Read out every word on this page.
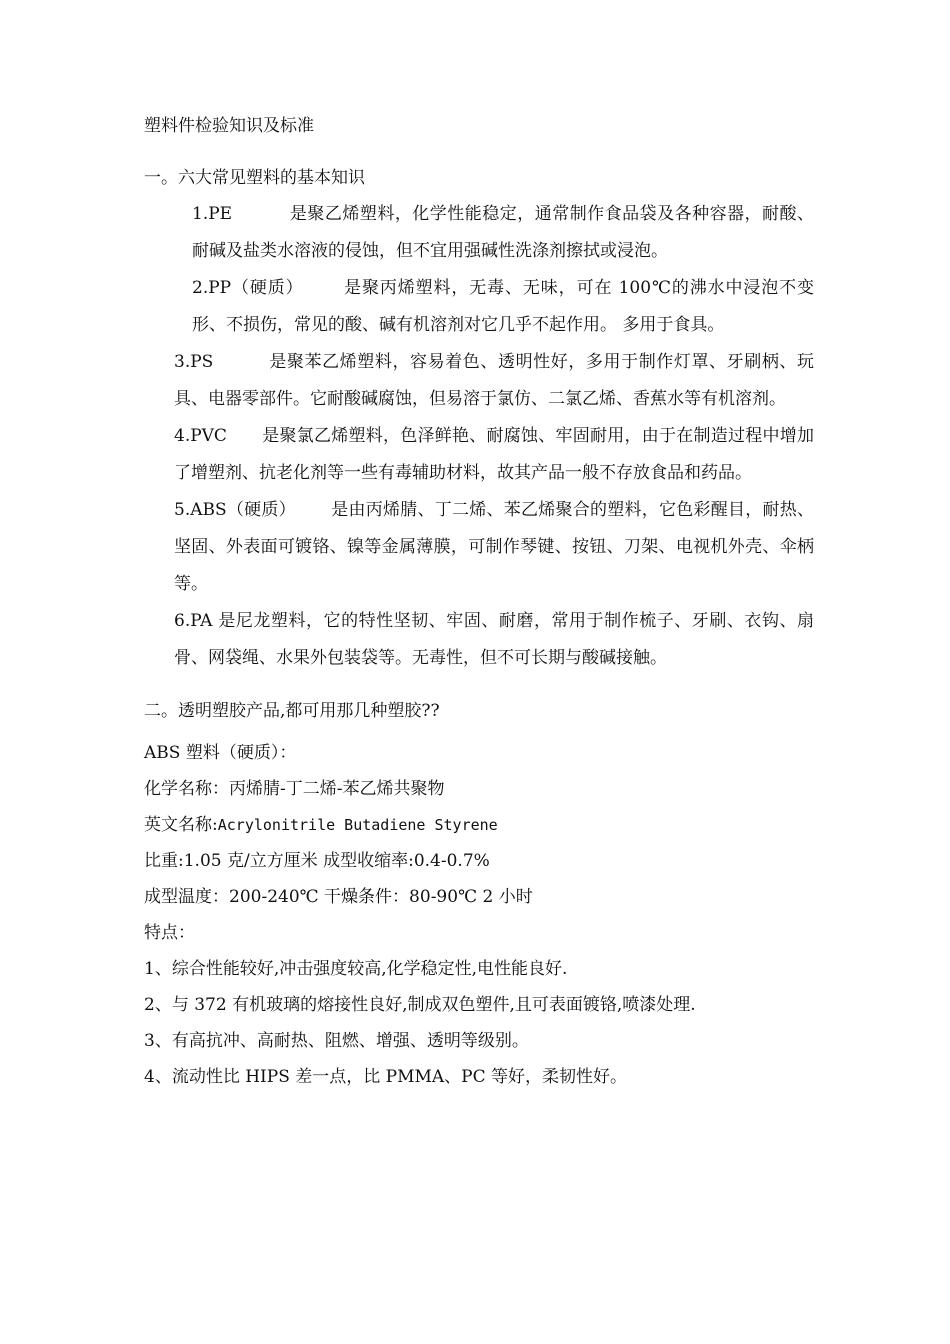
塑料件检验知识及标准
一。六大常见塑料的基本知识
1.PE	是聚乙烯塑料，化学性能稳定，通常制作食品袋及各种容器，耐酸、耐碱及盐类水溶液的侵蚀，但不宜用强碱性洗涤剂擦拭或浸泡。
2.PP（硬质） 是聚丙烯塑料，无毒、无味，可在 100℃的沸水中浸泡不变形、不损伤，常见的酸、碱有机溶剂对它几乎不起作用。 多用于食具。
3.PS	是聚苯乙烯塑料，容易着色、透明性好，多用于制作灯罩、牙刷柄、玩具、电器零部件。它耐酸碱腐蚀，但易溶于氯仿、二氯乙烯、香蕉水等有机溶剂。
4.PVC 是聚氯乙烯塑料，色泽鲜艳、耐腐蚀、牢固耐用，由于在制造过程中增加了增塑剂、抗老化剂等一些有毒辅助材料，故其产品一般不存放食品和药品。
5.ABS（硬质） 是由丙烯腈、丁二烯、苯乙烯聚合的塑料，它色彩醒目，耐热、坚固、外表面可镀铬、镍等金属薄膜，可制作琴键、按钮、刀架、电视机外壳、伞柄等。
6.PA 是尼龙塑料，它的特性坚韧、牢固、耐磨，常用于制作梳子、牙刷、衣钩、扇骨、网袋绳、水果外包装袋等。无毒性，但不可长期与酸碱接触。
二。透明塑胶产品,都可用那几种塑胶??
ABS 塑料（硬质）：
化学名称：丙烯腈-丁二烯-苯乙烯共聚物
英文名称:Acrylonitrile Butadiene Styrene
比重:1.05 克/立方厘米 成型收缩率:0.4-0.7%
成型温度：200-240℃ 干燥条件：80-90℃ 2 小时
特点：
1、综合性能较好,冲击强度较高,化学稳定性,电性能良好.
2、与 372 有机玻璃的熔接性良好,制成双色塑件,且可表面镀铬,喷漆处理.
3、有高抗冲、高耐热、阻燃、增强、透明等级别。
4、流动性比 HIPS 差一点，比 PMMA、PC 等好，柔韧性好。
